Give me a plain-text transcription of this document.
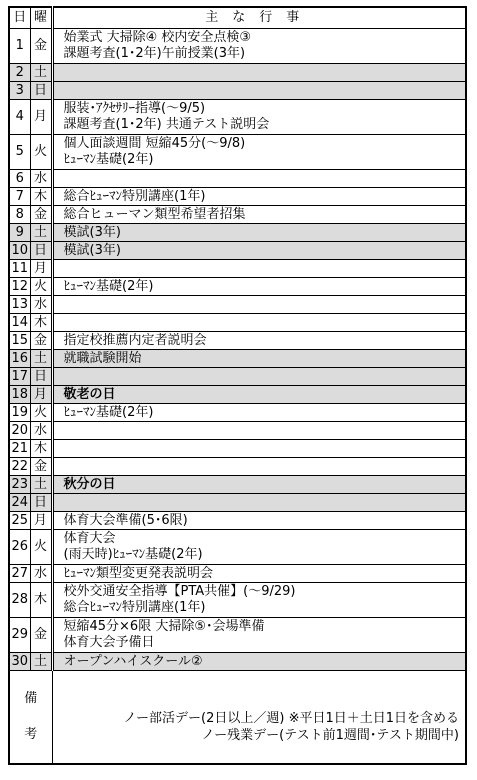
日	曜	主な行事
1	金	始業式 大掃除④ 校内安全点検③
課題考査(1･2年)午前授業(3年)

2	土	
3	日	
4	月	服装･ｱｸｾｻﾘｰ指導(～9/5)
課題考査(1･2年) 共通テスト説明会

5	火	個人面談週間 短縮45分(～9/8)
ﾋｭｰﾏﾝ基礎(2年)

6	水	
7	木	総合ﾋｭｰﾏﾝ特別講座(1年)

8	金	総合ヒューマン類型希望者招集

9	土	模試(3年)

10	日	模試(3年)

11	月	
12	火	ﾋｭｰﾏﾝ基礎(2年)

13	水	
14	木	
15	金	指定校推薦内定者説明会

16	土	就職試験開始

17	日	
18	月	敬老の日

19	火	ﾋｭｰﾏﾝ基礎(2年)

20	水	
21	木	
22	金	
23	土	秋分の日

24	日	
25	月	体育大会準備(5･6限)

26	火	体育大会
(雨天時)ﾋｭｰﾏﾝ基礎(2年)

27	水	ﾋｭｰﾏﾝ類型変更発表説明会

28	木	校外交通安全指導【PTA共催】(～9/29)
総合ﾋｭｰﾏﾝ特別講座(1年)

29	金	短縮45分×6限 大掃除⑤･会場準備
体育大会予備日

30	土	オープンハイスクール②

備
考		ノー部活デー(2日以上／週) ※平日1日＋土日1日を含める
ノー残業デー(テスト前1週間･テスト期間中)
